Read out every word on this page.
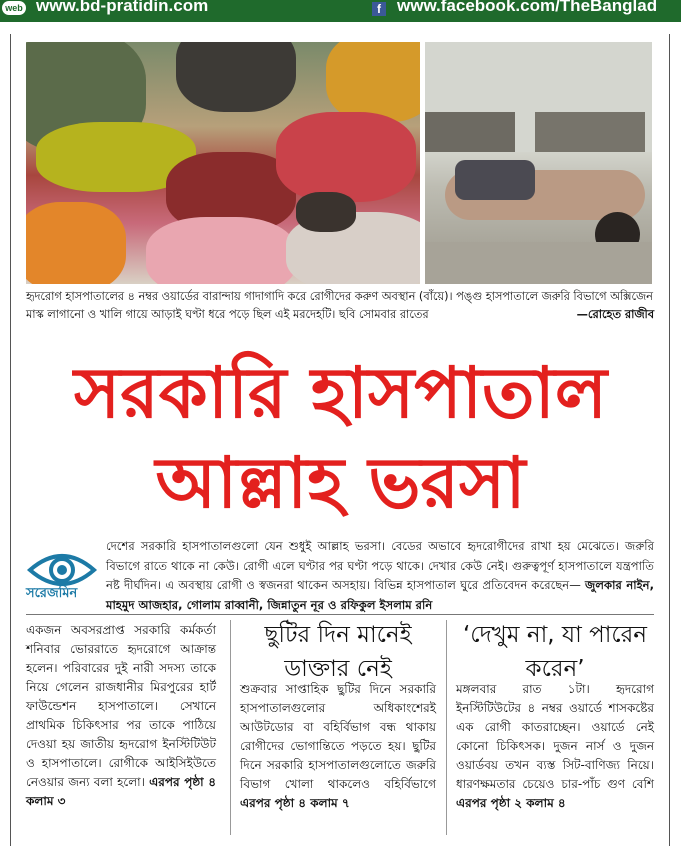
web www.bd-pratidin.com	f www.facebook.com/TheBanglad
হৃদরোগ হাসপাতালের ৪ নম্বর ওয়ার্ডের বারান্দায় গাদাগাদি করে রোগীদের করুণ অবস্থান (বাঁয়ে)। পঙ্গু হাসপাতালে জরুরি বিভাগে অক্সিজেন মাস্ক লাগানো ও খালি গায়ে আড়াই ঘণ্টা ধরে পড়ে ছিল এই মরদেহটি। ছবি সোমবার রাতের	—রোহেত রাজীব
সরকারি হাসপাতাল
আল্লাহ ভরসা
সরেজমিন
দেশের সরকারি হাসপাতালগুলো যেন শুধুই আল্লাহ ভরসা। বেডের অভাবে হৃদরোগীদের রাখা হয় মেঝেতে। জরুরি বিভাগে রাতে থাকে না কেউ। রোগী এলে ঘণ্টার পর ঘণ্টা পড়ে থাকে। দেখার কেউ নেই। গুরুত্বপূর্ণ হাসপাতালে যন্ত্রপাতি নষ্ট দীর্ঘদিন। এ অবস্থায় রোগী ও স্বজনরা থাকেন অসহায়। বিভিন্ন হাসপাতাল ঘুরে প্রতিবেদন করেছেন— জুলকার নাইন, মাহমুদ আজহার, গোলাম রাব্বানী, জিন্নাতুন নূর ও রফিকুল ইসলাম রনি
একজন অবসরপ্রাপ্ত সরকারি কর্মকর্তা শনিবার ভোররাতে হৃদরোগে আক্রান্ত হলেন। পরিবারের দুই নারী সদস্য তাকে নিয়ে গেলেন রাজধানীর মিরপুরের হার্ট ফাউন্ডেশন হাসপাতালে। সেখানে প্রাথমিক চিকিৎসার পর তাকে পাঠিয়ে দেওয়া হয় জাতীয় হৃদরোগ ইনস্টিটিউট ও হাসপাতালে। রোগীকে আইসিইউতে নেওয়ার জন্য বলা হলো। এরপর পৃষ্ঠা ৪ কলাম ৩
ছুটির দিন মানেই ডাক্তার নেই
শুক্রবার সাপ্তাহিক ছুটির দিনে সরকারি হাসপাতালগুলোর অধিকাংশেরই আউটডোর বা বহির্বিভাগ বন্ধ থাকায় রোগীদের ভোগান্তিতে পড়তে হয়। ছুটির দিনে সরকারি হাসপাতালগুলোতে জরুরি বিভাগ খোলা থাকলেও বহির্বিভাগে এরপর পৃষ্ঠা ৪ কলাম ৭
‘দেখুম না, যা পারেন করেন’
মঙ্গলবার রাত ১টা। হৃদরোগ ইনস্টিটিউটের ৪ নম্বর ওয়ার্ডে শাসকষ্টের এক রোগী কাতরাচ্ছেন। ওয়ার্ডে নেই কোনো চিকিৎসক। দুজন নার্স ও দুজন ওয়ার্ডবয় তখন ব্যস্ত সিট-বাণিজ্য নিয়ে। ধারণক্ষমতার চেয়েও চার-পাঁচ গুণ বেশি এরপর পৃষ্ঠা ২ কলাম ৪
